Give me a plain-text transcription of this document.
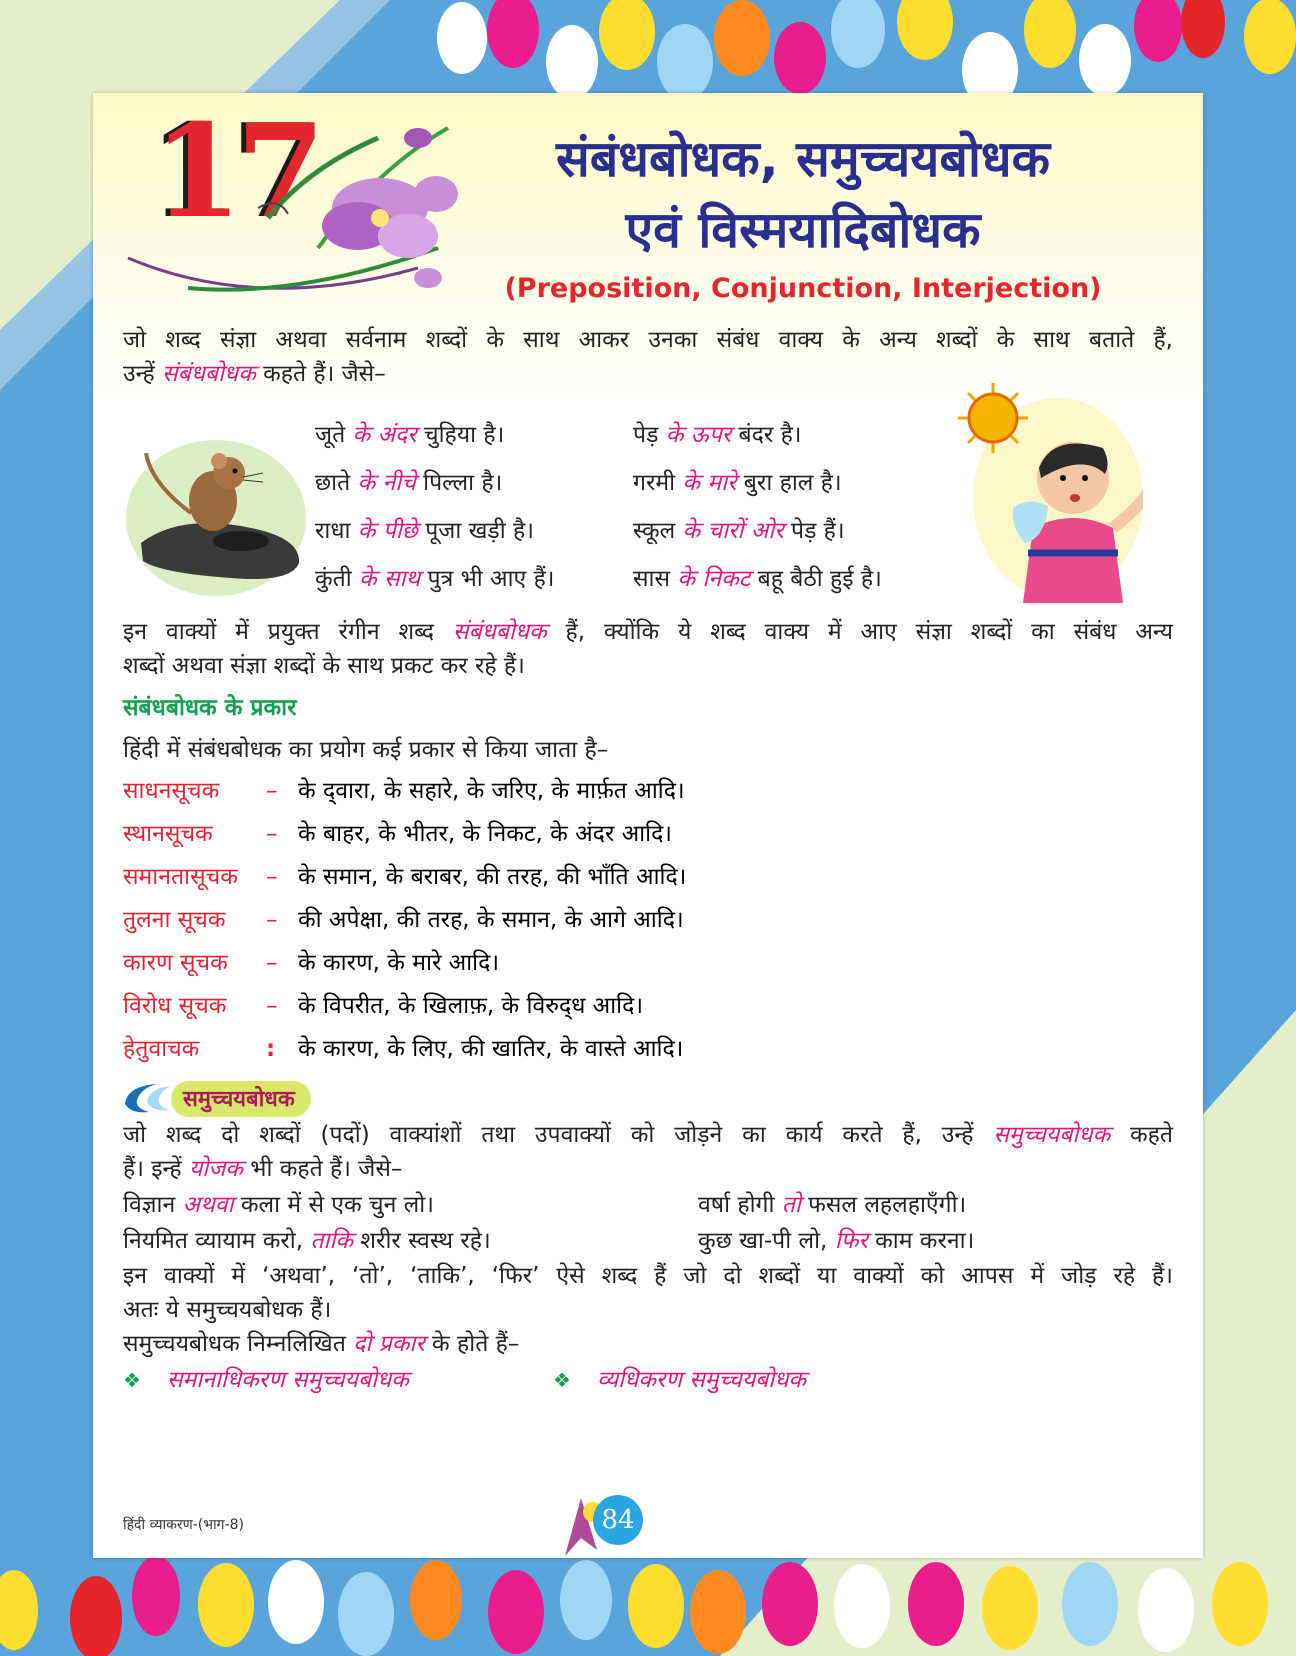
17	संबंधबोधक, समुच्चयबोधक
एवं विस्मयादिबोधक
(Preposition, Conjunction, Interjection)
जो शब्द संज्ञा अथवा सर्वनाम शब्दों के साथ आकर उनका संबंध वाक्य के अन्य शब्दों के साथ बताते हैं,
उन्हें संबंधबोधक कहते हैं। जैसे–
जूते के अंदर चुहिया है।
छाते के नीचे पिल्ला है।
राधा के पीछे पूजा खड़ी है।
कुंती के साथ पुत्र भी आए हैं।
पेड़ के ऊपर बंदर है।
गरमी के मारे बुरा हाल है।
स्कूल के चारों ओर पेड़ हैं।
सास के निकट बहू बैठी हुई है।
इन वाक्यों में प्रयुक्त रंगीन शब्द संबंधबोधक हैं, क्योंकि ये शब्द वाक्य में आए संज्ञा शब्दों का संबंध अन्य
शब्दों अथवा संज्ञा शब्दों के साथ प्रकट कर रहे हैं।
संबंधबोधक के प्रकार
हिंदी में संबंधबोधक का प्रयोग कई प्रकार से किया जाता है–
साधनसूचक	– के द्‌वारा, के सहारे, के जरिए, के मार्फ़त आदि।
स्थानसूचक	– के बाहर, के भीतर, के निकट, के अंदर आदि।
समानतासूचक	– के समान, के बराबर, की तरह, की भाँति आदि।
तुलना सूचक	– की अपेक्षा, की तरह, के समान, के आगे आदि।
कारण सूचक	– के कारण, के मारे आदि।
विरोध सूचक	– के विपरीत, के खिलाफ़, के विरुद्‌ध आदि।
हेतुवाचक	: के कारण, के लिए, की खातिर, के वास्ते आदि।
समुच्चयबोधक
जो शब्द दो शब्दों (पदों) वाक्यांशों तथा उपवाक्यों को जोड़ने का कार्य करते हैं, उन्हें समुच्चयबोधक कहते
हैं। इन्हें योजक भी कहते हैं। जैसे–
विज्ञान अथवा कला में से एक चुन लो।	वर्षा होगी तो फसल लहलहाएँगी।
नियमित व्यायाम करो, ताकि शरीर स्वस्थ रहे।	कुछ खा-पी लो, फिर काम करना।
इन वाक्यों में ‘अथवा’, ‘तो’, ‘ताकि’, ‘फिर’ ऐसे शब्द हैं जो दो शब्दों या वाक्यों को आपस में जोड़ रहे हैं।
अतः ये समुच्चयबोधक हैं।
समुच्चयबोधक निम्नलिखित दो प्रकार के होते हैं–
❖ समानाधिकरण समुच्चयबोधक	❖ व्यधिकरण समुच्चयबोधक
हिंदी व्याकरण-(भाग-8)	84
